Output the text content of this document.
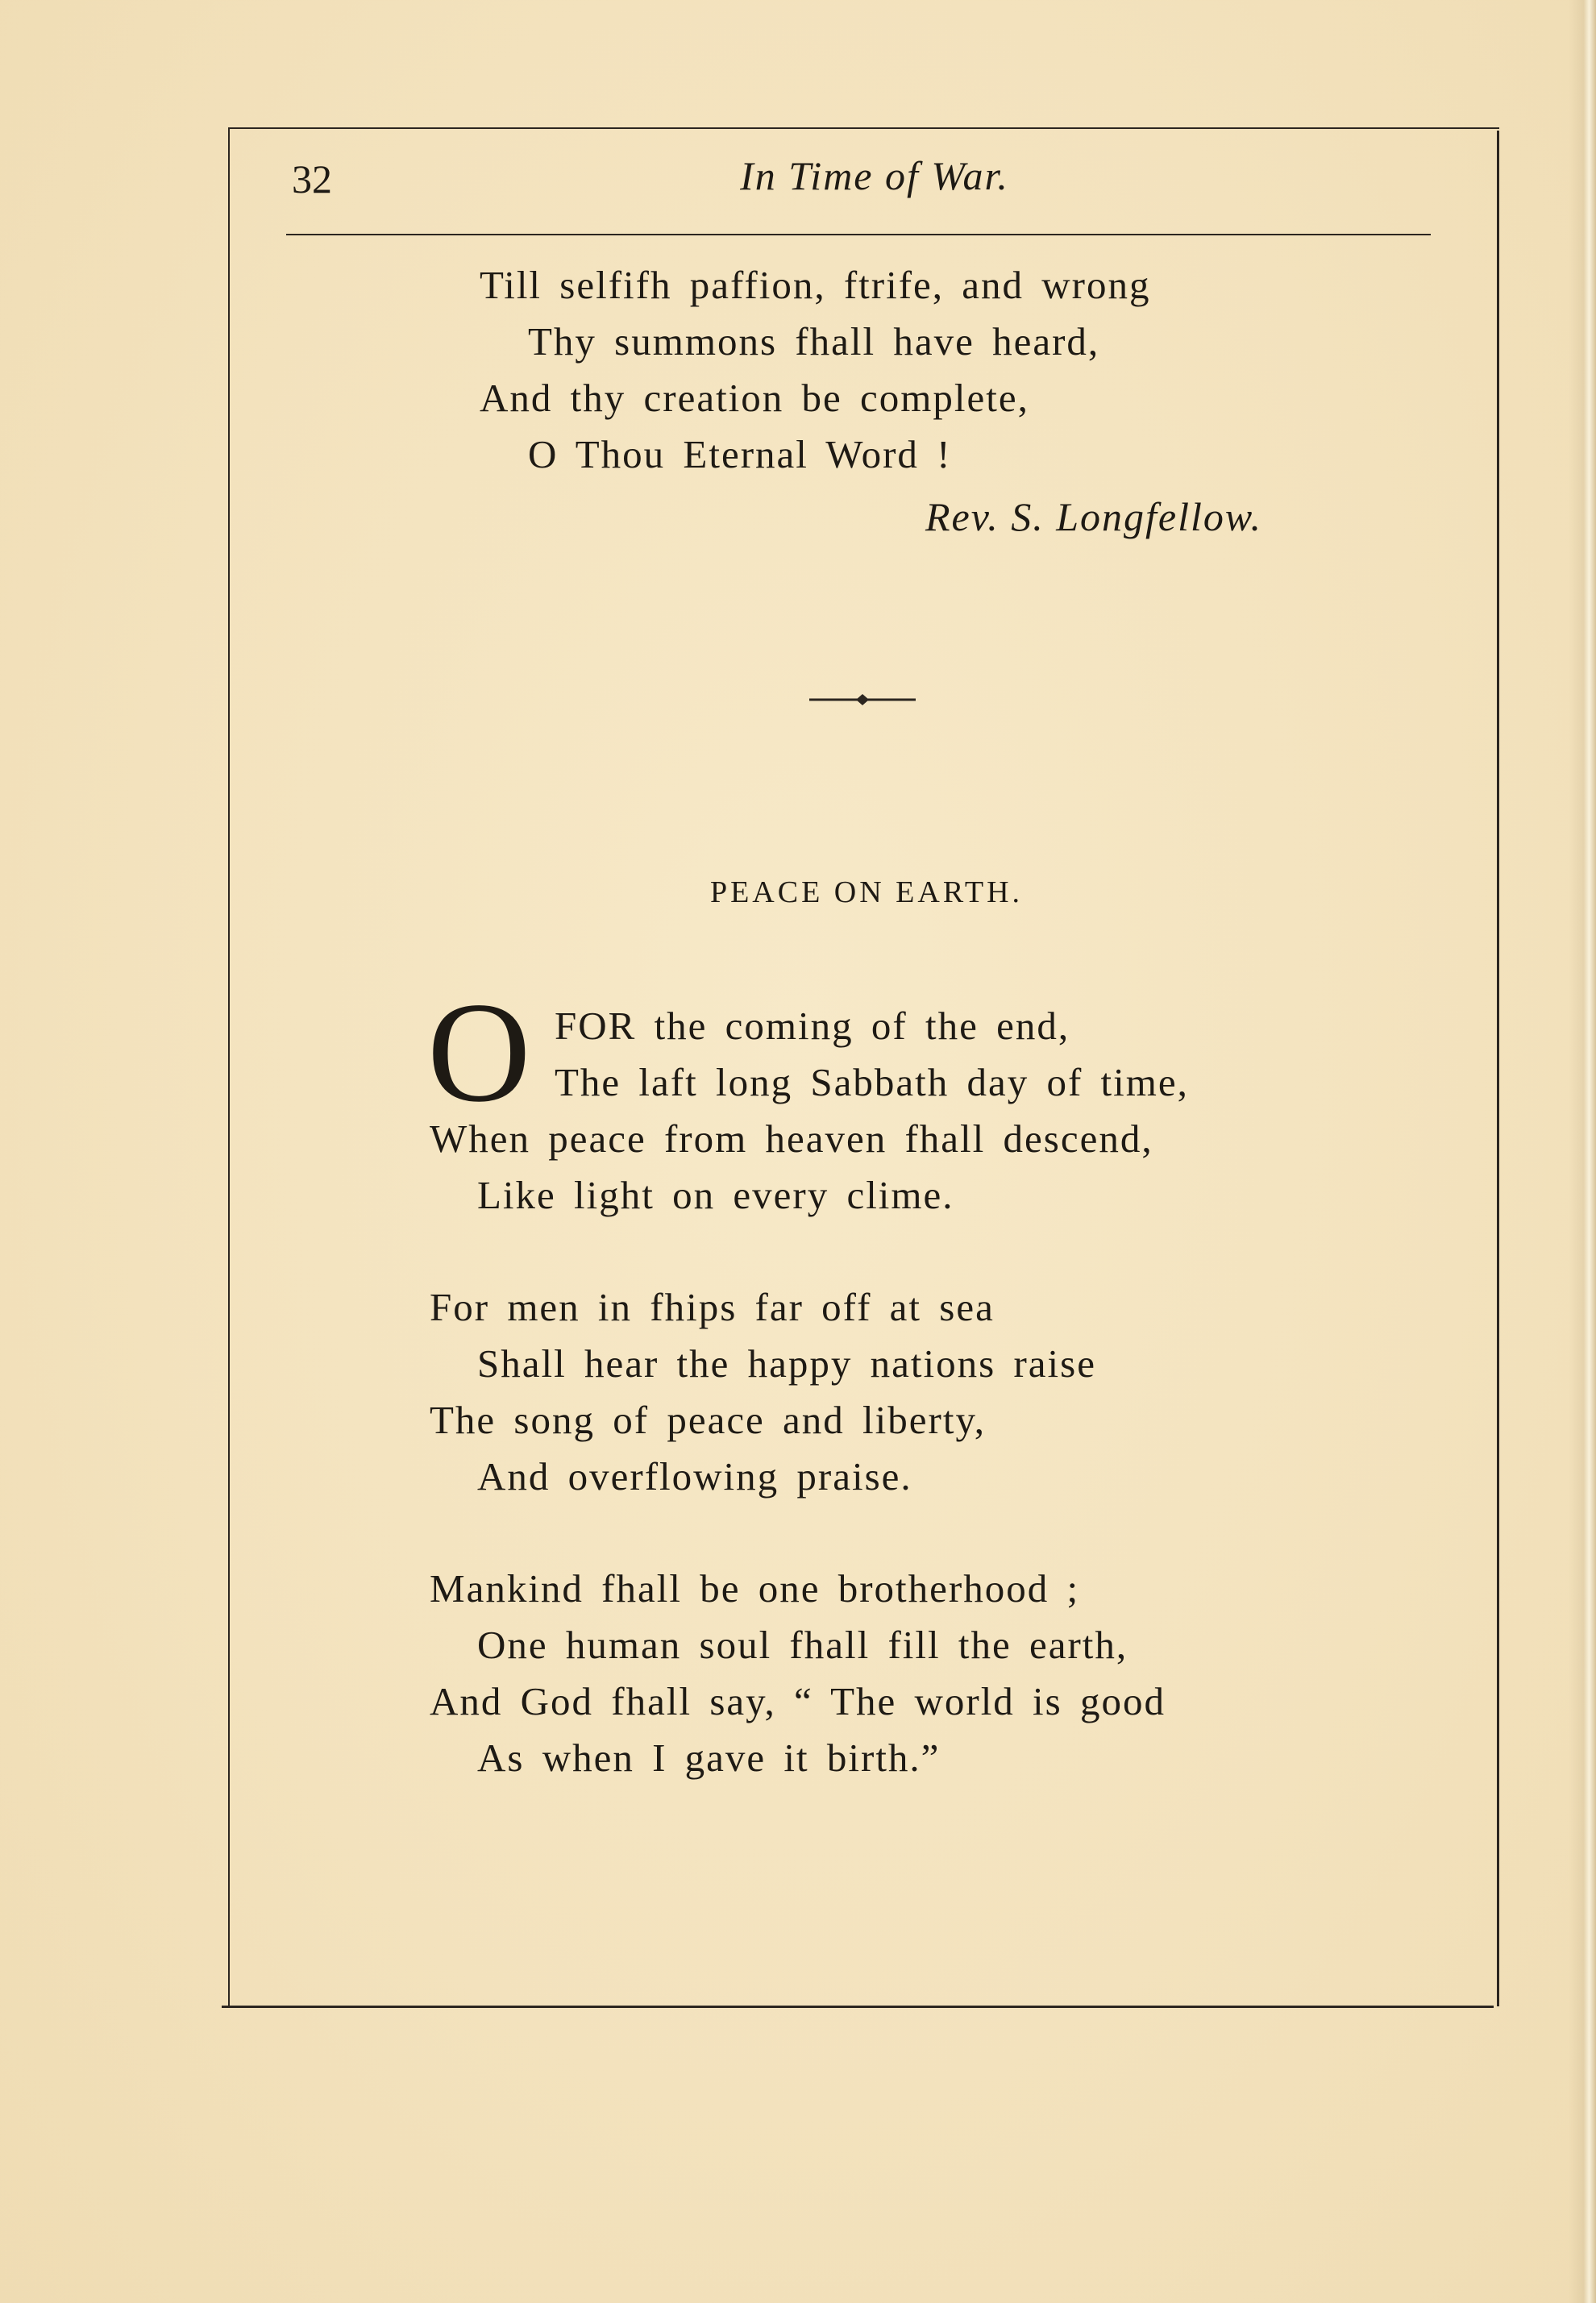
32	In Time of War.
Till selfifh paffion, ftrife, and wrong
Thy summons fhall have heard,
And thy creation be complete,
O Thou Eternal Word !
Rev. S. Longfellow.
PEACE ON EARTH.
O FOR the coming of the end,
The laft long Sabbath day of time,
When peace from heaven fhall descend,
Like light on every clime.
For men in fhips far off at sea
Shall hear the happy nations raise
The song of peace and liberty,
And overflowing praise.
Mankind fhall be one brotherhood ;
One human soul fhall fill the earth,
And God fhall say, “ The world is good
As when I gave it birth.”
